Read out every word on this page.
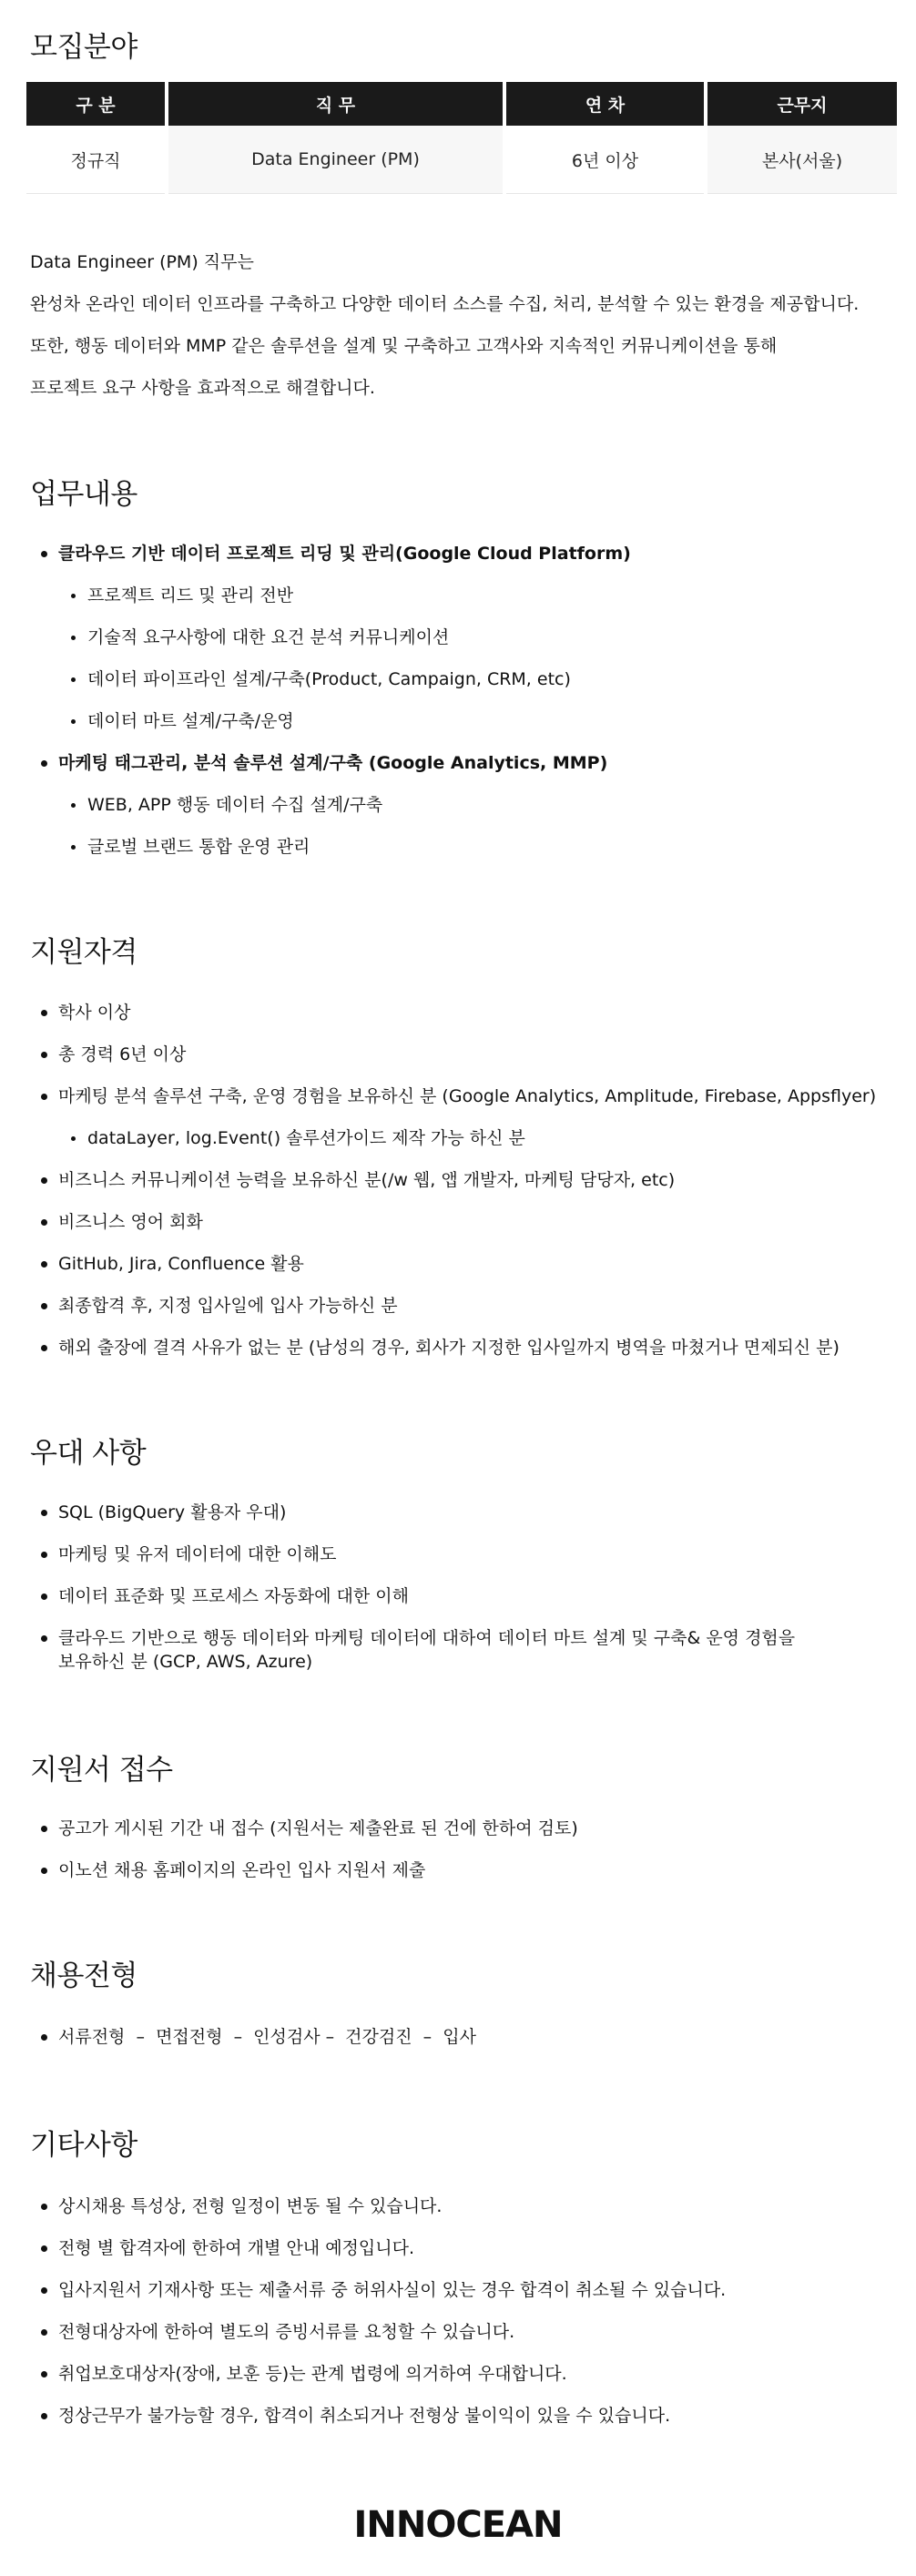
모집분야
구 분	직 무	연 차	근무지
정규직	Data Engineer (PM)	6년 이상	본사(서울)
Data Engineer (PM) 직무는
완성차 온라인 데이터 인프라를 구축하고 다양한 데이터 소스를 수집, 처리, 분석할 수 있는 환경을 제공합니다.
또한, 행동 데이터와 MMP 같은 솔루션을 설계 및 구축하고 고객사와 지속적인 커뮤니케이션을 통해
프로젝트 요구 사항을 효과적으로 해결합니다.
업무내용
클라우드 기반 데이터 프로젝트 리딩 및 관리(Google Cloud Platform)
프로젝트 리드 및 관리 전반
기술적 요구사항에 대한 요건 분석 커뮤니케이션
데이터 파이프라인 설계/구축(Product, Campaign, CRM, etc)
데이터 마트 설계/구축/운영
마케팅 태그관리, 분석 솔루션 설계/구축 (Google Analytics, MMP)
WEB, APP 행동 데이터 수집 설계/구축
글로벌 브랜드 통합 운영 관리
지원자격
학사 이상
총 경력 6년 이상
마케팅 분석 솔루션 구축, 운영 경험을 보유하신 분 (Google Analytics, Amplitude, Firebase, Appsflyer)
dataLayer, log.Event() 솔루션가이드 제작 가능 하신 분
비즈니스 커뮤니케이션 능력을 보유하신 분(/w 웹, 앱 개발자, 마케팅 담당자, etc)
비즈니스 영어 회화
GitHub, Jira, Confluence 활용
최종합격 후, 지정 입사일에 입사 가능하신 분
해외 출장에 결격 사유가 없는 분 (남성의 경우, 회사가 지정한 입사일까지 병역을 마쳤거나 면제되신 분)
우대 사항
SQL (BigQuery 활용자 우대)
마케팅 및 유저 데이터에 대한 이해도
데이터 표준화 및 프로세스 자동화에 대한 이해
클라우드 기반으로 행동 데이터와 마케팅 데이터에 대하여 데이터 마트 설계 및 구축& 운영 경험을 보유하신 분 (GCP, AWS, Azure)
지원서 접수
공고가 게시된 기간 내 접수 (지원서는 제출완료 된 건에 한하여 검토)
이노션 채용 홈페이지의 온라인 입사 지원서 제출
채용전형
서류전형  –  면접전형  –  인성검사 –  건강검진  –  입사
기타사항
상시채용 특성상, 전형 일정이 변동 될 수 있습니다.
전형 별 합격자에 한하여 개별 안내 예정입니다.
입사지원서 기재사항 또는 제출서류 중 허위사실이 있는 경우 합격이 취소될 수 있습니다.
전형대상자에 한하여 별도의 증빙서류를 요청할 수 있습니다.
취업보호대상자(장애, 보훈 등)는 관계 법령에 의거하여 우대합니다.
정상근무가 불가능할 경우, 합격이 취소되거나 전형상 불이익이 있을 수 있습니다.
INNOCEAN
